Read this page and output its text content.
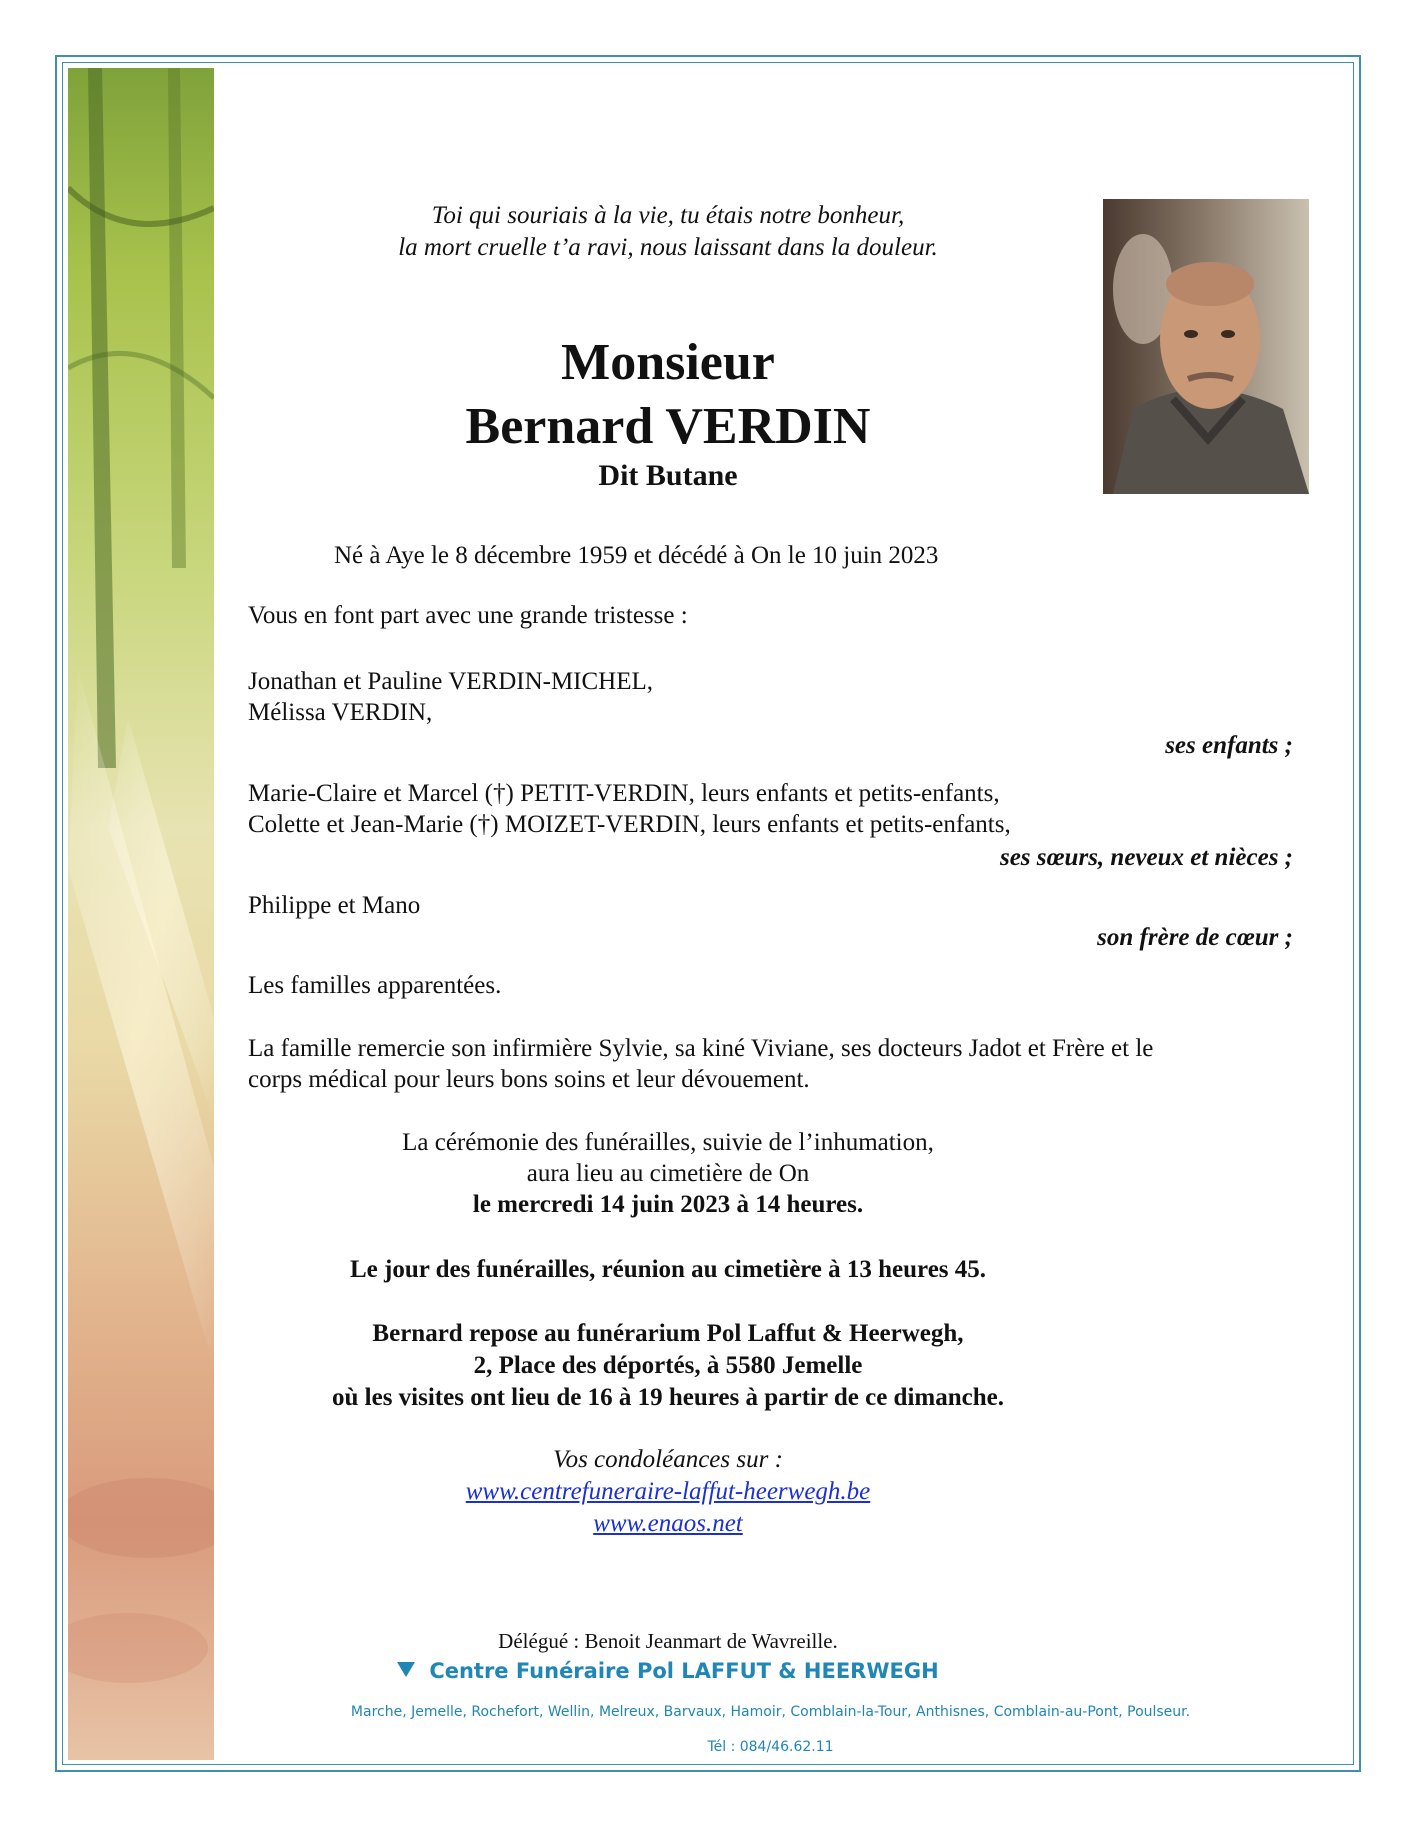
Toi qui souriais à la vie, tu étais notre bonheur,
la mort cruelle t’a ravi, nous laissant dans la douleur.
Monsieur
Bernard VERDIN
Dit Butane
Né à Aye le 8 décembre 1959 et décédé à On le 10 juin 2023
Vous en font part avec une grande tristesse :
Jonathan et Pauline VERDIN-MICHEL,
Mélissa VERDIN,
ses enfants ;
Marie-Claire et Marcel (†) PETIT-VERDIN, leurs enfants et petits-enfants,
Colette et Jean-Marie (†) MOIZET-VERDIN, leurs enfants et petits-enfants,
ses sœurs, neveux et nièces ;
Philippe et Mano
son frère de cœur ;
Les familles apparentées.
La famille remercie son infirmière Sylvie, sa kiné Viviane, ses docteurs Jadot et Frère et le
corps médical pour leurs bons soins et leur dévouement.
La cérémonie des funérailles, suivie de l’inhumation,
aura lieu au cimetière de On
le mercredi 14 juin 2023 à 14 heures.
Le jour des funérailles, réunion au cimetière à 13 heures 45.
Bernard repose au funérarium Pol Laffut & Heerwegh,
2, Place des déportés, à 5580 Jemelle
où les visites ont lieu de 16 à 19 heures à partir de ce dimanche.
Vos condoléances sur :
www.centrefuneraire-laffut-heerwegh.be
www.enaos.net
Délégué : Benoit Jeanmart de Wavreille.
Centre Funéraire Pol LAFFUT & HEERWEGH
Marche, Jemelle, Rochefort, Wellin, Melreux, Barvaux, Hamoir, Comblain-la-Tour, Anthisnes, Comblain-au-Pont, Poulseur.
Tél : 084/46.62.11
